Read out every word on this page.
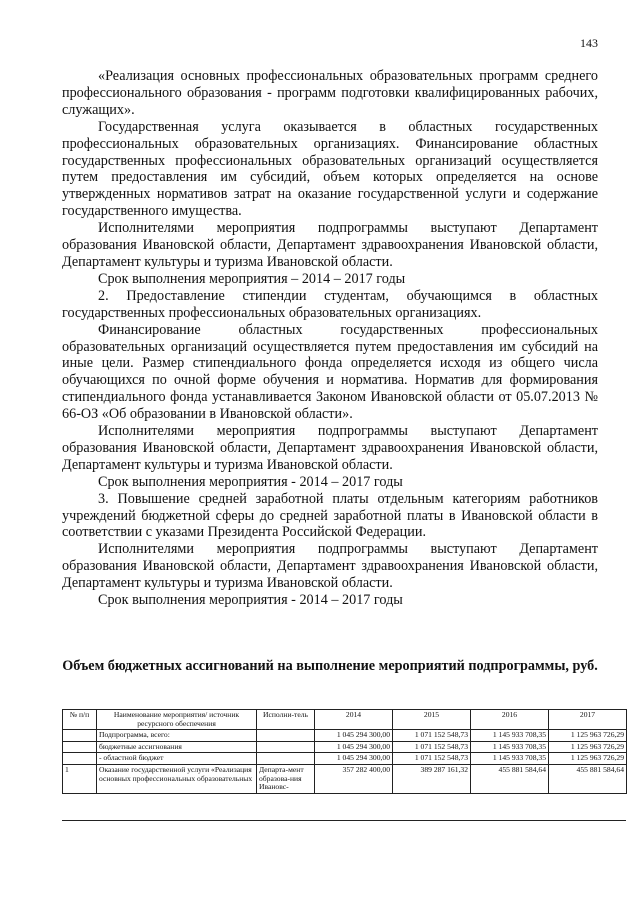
143

«Реализация основных профессиональных образовательных программ среднего профессионального образования - программ подготовки квалифицированных рабочих, служащих».

Государственная услуга оказывается в областных государственных профессиональных образовательных организациях. Финансирование областных государственных профессиональных образовательных организаций осуществляется путем предоставления им субсидий, объем которых определяется на основе утвержденных нормативов затрат на оказание государственной услуги и содержание государственного имущества.

Исполнителями мероприятия подпрограммы выступают Департамент образования Ивановской области, Департамент здравоохранения Ивановской области, Департамент культуры и туризма Ивановской области.

Срок выполнения мероприятия – 2014 – 2017 годы

2. Предоставление стипендии студентам, обучающимся в областных государственных профессиональных образовательных организациях.

Финансирование областных государственных профессиональных образовательных организаций осуществляется путем предоставления им субсидий на иные цели. Размер стипендиального фонда определяется исходя из общего числа обучающихся по очной форме обучения и норматива. Норматив для формирования стипендиального фонда устанавливается Законом Ивановской области от 05.07.2013 № 66-ОЗ «Об образовании в Ивановской области».

Исполнителями мероприятия подпрограммы выступают Департамент образования Ивановской области, Департамент здравоохранения Ивановской области, Департамент культуры и туризма Ивановской области.

Срок выполнения мероприятия - 2014 – 2017 годы

3. Повышение средней заработной платы отдельным категориям работников учреждений бюджетной сферы до средней заработной платы в Ивановской области в соответствии с указами Президента Российской Федерации.

Исполнителями мероприятия подпрограммы выступают Департамент образования Ивановской области, Департамент здравоохранения Ивановской области, Департамент культуры и туризма Ивановской области.

Срок выполнения мероприятия - 2014 – 2017 годы

Объем бюджетных ассигнований на выполнение мероприятий подпрограммы, руб.
№ п/п	Наименование мероприятия/ источник ресурсного обеспечения	Исполни-тель	2014	2015	2016	2017
	Подпрограмма, всего:		1 045 294 300,00	1 071 152 548,73	1 145 933 708,35	1 125 963 726,29
	бюджетные ассигнования		1 045 294 300,00	1 071 152 548,73	1 145 933 708,35	1 125 963 726,29
	- областной бюджет		1 045 294 300,00	1 071 152 548,73	1 145 933 708,35	1 125 963 726,29
1	Оказание государственной услуги «Реализация основных профессиональных образовательных	Департа-мент образова-ния Ивановс-	357 282 400,00	389 287 161,32	455 881 584,64	455 881 584,64
